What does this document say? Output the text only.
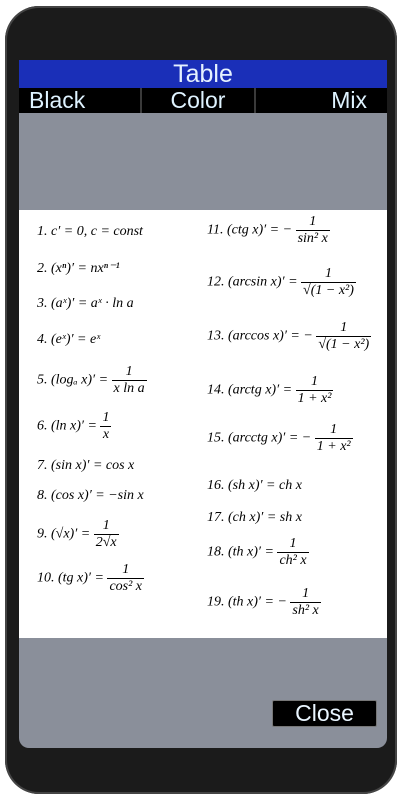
Table
Black	Color	Mix
1. c′ = 0, c = const
2. (xⁿ)′ = nxⁿ⁻¹
3. (aˣ)′ = aˣ · ln a
4. (eˣ)′ = eˣ
5. (logₐ $x)' = \frac{1}{\text{x ln a}}$
6. (ln $x)' = \frac{1}{x}$
7. (sin x)′ = cos x
8. (cos x)′ = −sin x
9. $(√x)' = \frac{1}{2√x}$
10. (tg $x)' = \frac{1}{\text{cos² x}}$
11. (ctg x)′ = − $\frac{1}{\text{sin² x}}$
12. (arcsin $x)' = \frac{1}{\text{√(1 − x²)}}$
13. (arccos x)′ = − $\frac{1}{\text{√(1 − x²)}}$
14. (arctg $x)' = \frac{1}{\text{1 + x²}}$
15. (arcctg x)′ = − $\frac{1}{\text{1 + x²}}$
16. (sh x)′ = ch x
17. (ch x)′ = sh x
18. (th $x)' = \frac{1}{\text{ch² x}}$
19. (th x)′ = − $\frac{1}{\text{sh² x}}$
Close
